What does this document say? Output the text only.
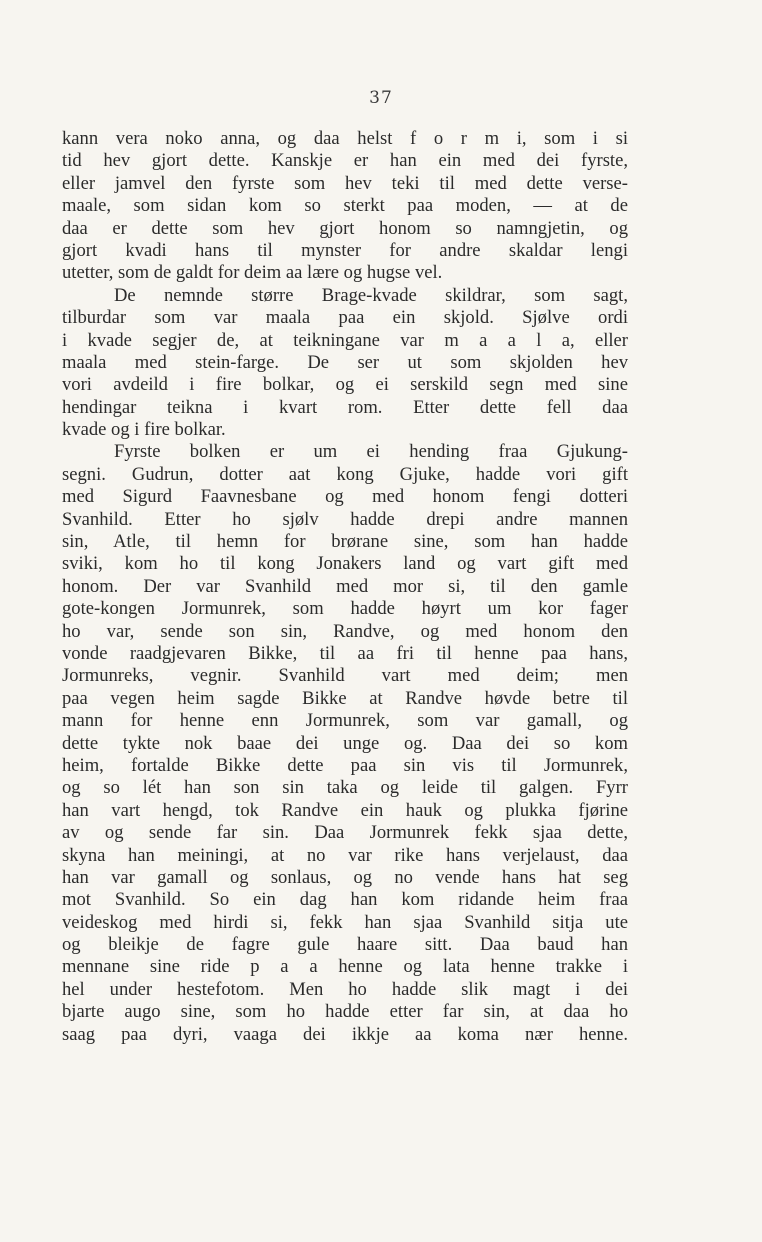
37
kann vera noko anna, og daa helst f o r m i, som i si
tid hev gjort dette. Kanskje er han ein med dei fyrste,
eller jamvel den fyrste som hev teki til med dette verse-
maale, som sidan kom so sterkt paa moden, — at de
daa er dette som hev gjort honom so namngjetin, og
gjort kvadi hans til mynster for andre skaldar lengi
utetter, som de galdt for deim aa lære og hugse vel.
De nemnde større Brage-kvade skildrar, som sagt,
tilburdar som var maala paa ein skjold. Sjølve ordi
i kvade segjer de, at teikningane var m a a l a, eller
maala med stein-farge. De ser ut som skjolden hev
vori avdeild i fire bolkar, og ei serskild segn med sine
hendingar teikna i kvart rom. Etter dette fell daa
kvade og i fire bolkar.
Fyrste bolken er um ei hending fraa Gjukung-
segni. Gudrun, dotter aat kong Gjuke, hadde vori gift
med Sigurd Faavnesbane og med honom fengi dotteri
Svanhild. Etter ho sjølv hadde drepi andre mannen
sin, Atle, til hemn for brørane sine, som han hadde
sviki, kom ho til kong Jonakers land og vart gift med
honom. Der var Svanhild med mor si, til den gamle
gote-kongen Jormunrek, som hadde høyrt um kor fager
ho var, sende son sin, Randve, og med honom den
vonde raadgjevaren Bikke, til aa fri til henne paa hans,
Jormunreks, vegnir. Svanhild vart med deim; men
paa vegen heim sagde Bikke at Randve høvde betre til
mann for henne enn Jormunrek, som var gamall, og
dette tykte nok baae dei unge og. Daa dei so kom
heim, fortalde Bikke dette paa sin vis til Jormunrek,
og so lét han son sin taka og leide til galgen. Fyrr
han vart hengd, tok Randve ein hauk og plukka fjørine
av og sende far sin. Daa Jormunrek fekk sjaa dette,
skyna han meiningi, at no var rike hans verjelaust, daa
han var gamall og sonlaus, og no vende hans hat seg
mot Svanhild. So ein dag han kom ridande heim fraa
veideskog med hirdi si, fekk han sjaa Svanhild sitja ute
og bleikje de fagre gule haare sitt. Daa baud han
mennane sine ride p a a henne og lata henne trakke i
hel under hestefotom. Men ho hadde slik magt i dei
bjarte augo sine, som ho hadde etter far sin, at daa ho
saag paa dyri, vaaga dei ikkje aa koma nær henne.
